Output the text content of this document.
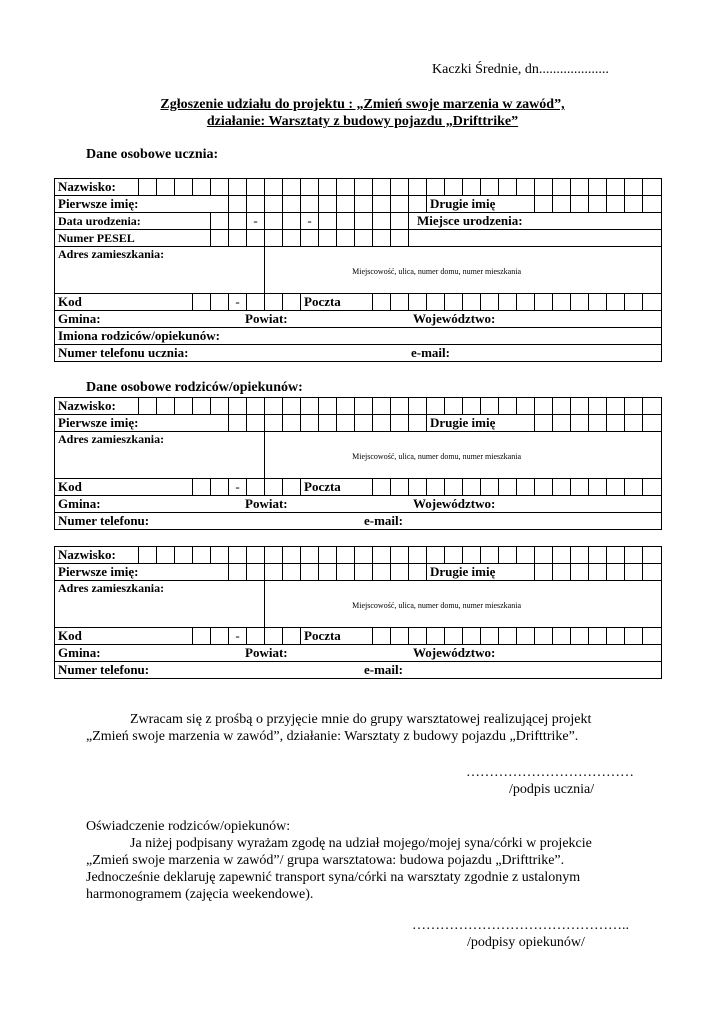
Kaczki Średnie, dn....................
Zgłoszenie udziału do projektu : „Zmień swoje marzenia w zawód”,
działanie: Warsztaty z budowy pojazdu „Drifttrike”
Dane osobowe ucznia:
Nazwisko:																														
Pierwsze imię:																	Drugie imię													
Data urodzenia:							-			-						Miejsce urodzenia:														
Numer PESEL																														
Adres zamieszkania:								Miejscowość, ulica, numer domu, numer mieszkania																						

Kod						-				Poczta																				
Gmina: Powiat: Województwo:																														
Imiona rodziców/opiekunów:																														
Numer telefonu ucznia: e-mail:																														
Dane osobowe rodziców/opiekunów:
Nazwisko:																														
Pierwsze imię:																	Drugie imię													
Adres zamieszkania:								Miejscowość, ulica, numer domu, numer mieszkania																						

Kod						-				Poczta																				
Gmina: Powiat: Województwo:																														
Numer telefonu: e-mail:																														
Nazwisko:																														
Pierwsze imię:																	Drugie imię													
Adres zamieszkania:								Miejscowość, ulica, numer domu, numer mieszkania																						

Kod						-				Poczta																				
Gmina: Powiat: Województwo:																														
Numer telefonu: e-mail:																														
Zwracam się z prośbą o przyjęcie mnie do grupy warsztatowej realizującej projekt
„Zmień swoje marzenia w zawód”, działanie: Warsztaty z budowy pojazdu „Drifttrike”.
………………………………
/podpis ucznia/
Oświadczenie rodziców/opiekunów:
Ja niżej podpisany wyrażam zgodę na udział mojego/mojej syna/córki w projekcie
„Zmień swoje marzenia w zawód”/ grupa warsztatowa: budowa pojazdu „Drifttrike”.
Jednocześnie deklaruję zapewnić transport syna/córki na warsztaty zgodnie z ustalonym
harmonogramem (zajęcia weekendowe).
………………………………………..
/podpisy opiekunów/
